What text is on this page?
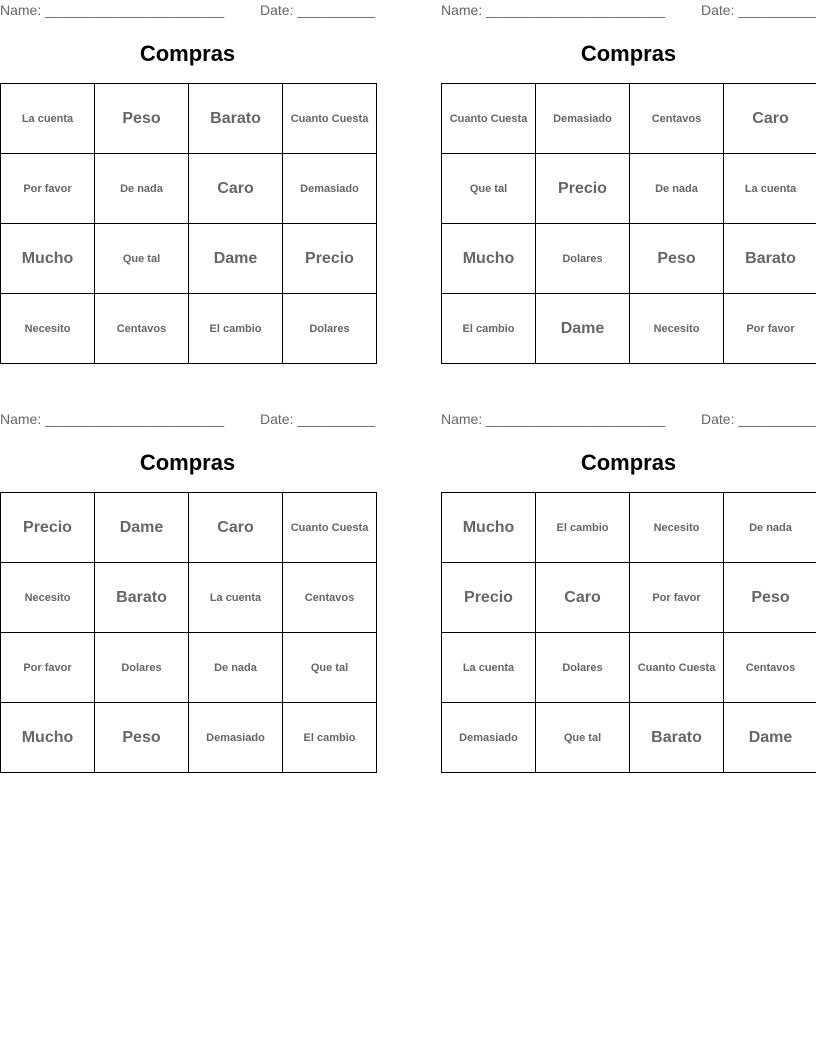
Name: _______________________	Date: __________
Compras
La cuenta	Peso	Barato	Cuanto Cuesta
Por favor	De nada	Caro	Demasiado
Mucho	Que tal	Dame	Precio
Necesito	Centavos	El cambio	Dolares
Name: _______________________	Date: __________
Compras
Cuanto Cuesta	Demasiado	Centavos	Caro
Que tal	Precio	De nada	La cuenta
Mucho	Dolares	Peso	Barato
El cambio	Dame	Necesito	Por favor
Name: _______________________	Date: __________
Compras
Precio	Dame	Caro	Cuanto Cuesta
Necesito	Barato	La cuenta	Centavos
Por favor	Dolares	De nada	Que tal
Mucho	Peso	Demasiado	El cambio
Name: _______________________	Date: __________
Compras
Mucho	El cambio	Necesito	De nada
Precio	Caro	Por favor	Peso
La cuenta	Dolares	Cuanto Cuesta	Centavos
Demasiado	Que tal	Barato	Dame
